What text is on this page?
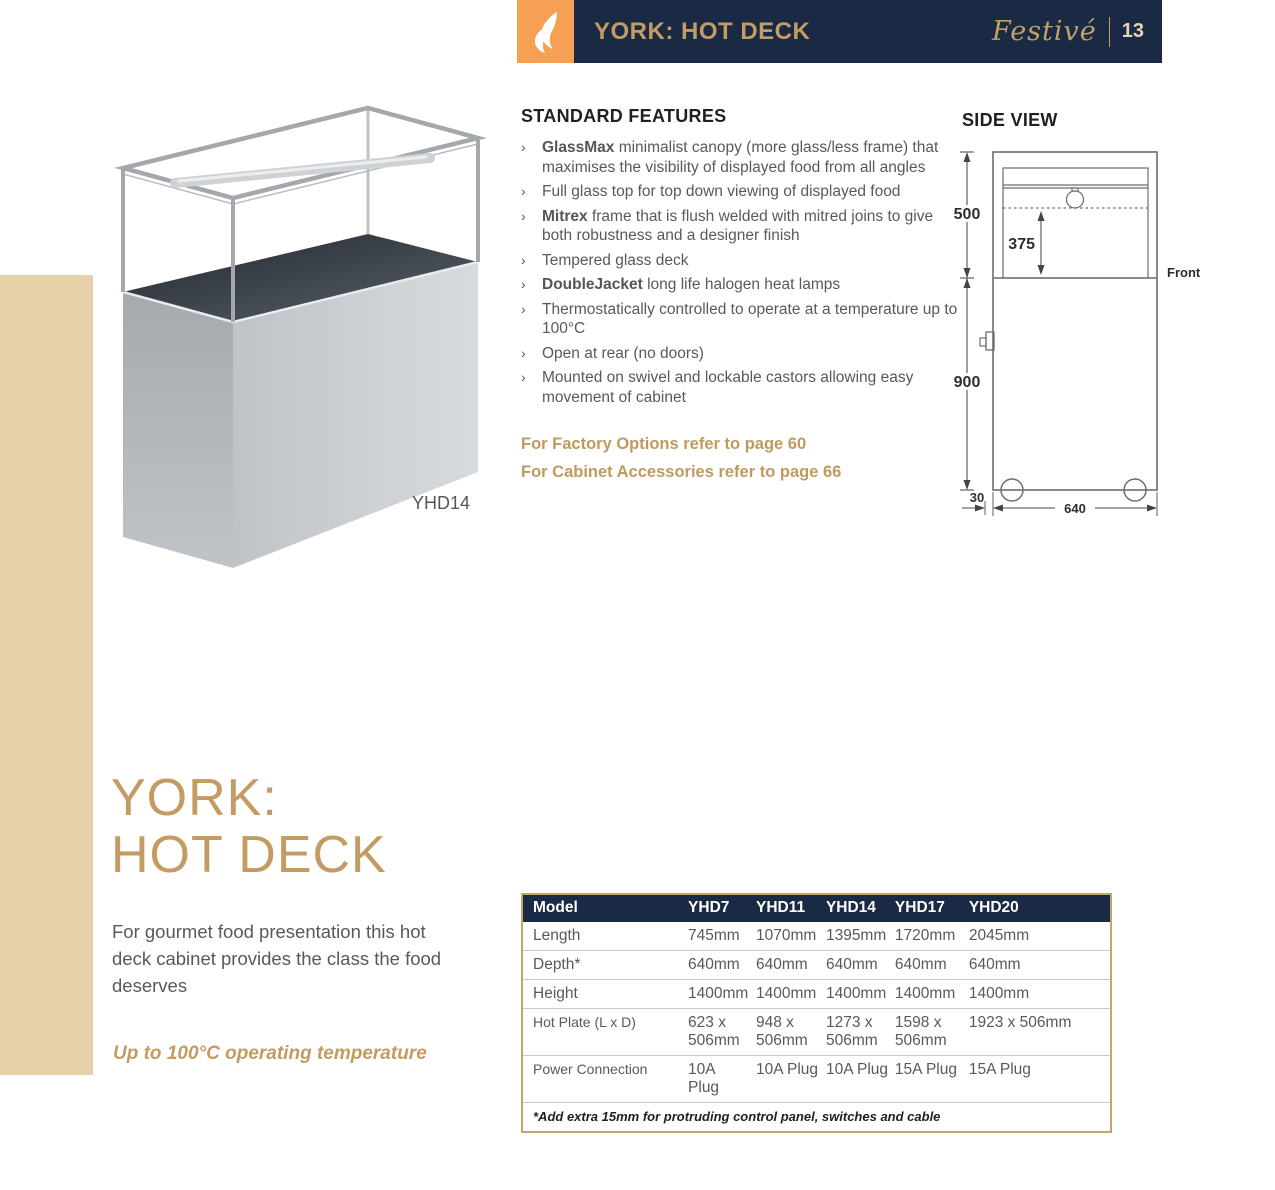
YORK: HOT DECK	Festivé 13
YHD14
STANDARD FEATURES
›	GlassMax minimalist canopy (more glass/less frame) that maximises the visibility of displayed food from all angles
›	Full glass top for top down viewing of displayed food
›	Mitrex frame that is flush welded with mitred joins to give both robustness and a designer finish
›	Tempered glass deck
›	DoubleJacket long life halogen heat lamps
›	Thermostatically controlled to operate at a temperature up to 100°C
›	Open at rear (no doors)
›	Mounted on swivel and lockable castors allowing easy movement of cabinet
For Factory Options refer to page 60
For Cabinet Accessories refer to page 66
SIDE VIEW
375
500
900
30
640
Front
YORK:
HOT DECK
For gourmet food presentation this hot deck cabinet provides the class the food deserves
Up to 100°C operating temperature
Model	YHD7	YHD11	YHD14	YHD17	YHD20
Length	745mm	1070mm	1395mm	1720mm	2045mm
Depth*	640mm	640mm	640mm	640mm	640mm
Height	1400mm	1400mm	1400mm	1400mm	1400mm
Hot Plate (L x D)	623 x 506mm	948 x 506mm	1273 x 506mm	1598 x 506mm	1923 x 506mm
Power Connection	10A Plug	10A Plug	10A Plug	15A Plug	15A Plug
*Add extra 15mm for protruding control panel, switches and cable					
